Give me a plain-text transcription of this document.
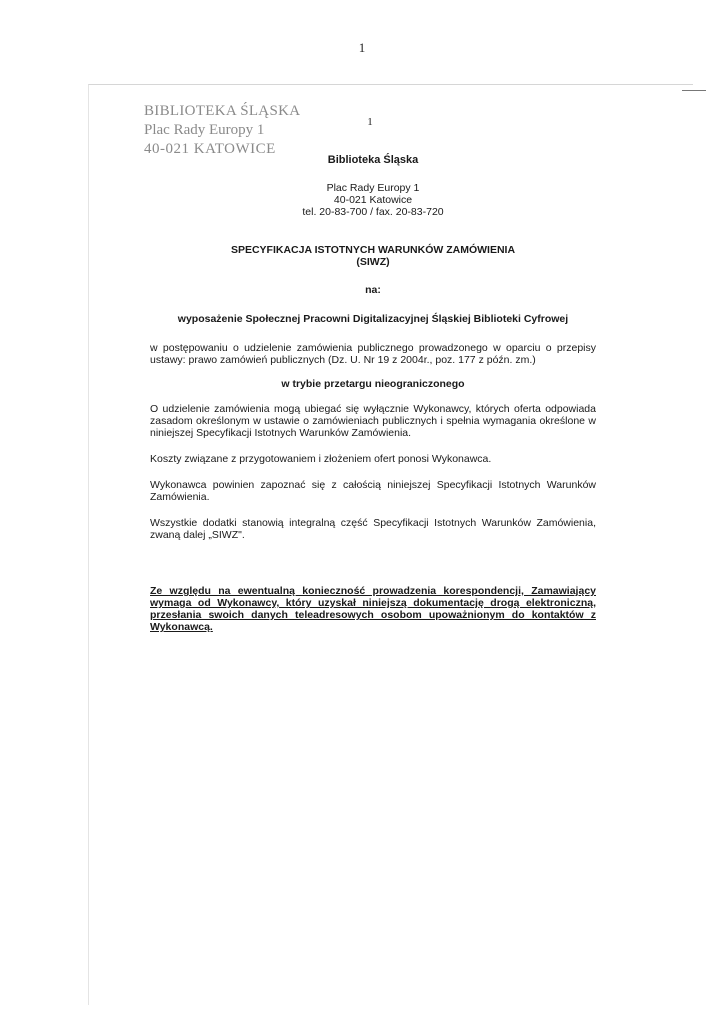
1
BIBLIOTEKA ŚLĄSKA
Plac Rady Europy 1
40-021 KATOWICE
1

Biblioteka Śląska

Plac Rady Europy 1

40-021 Katowice

tel. 20-83-700 / fax. 20-83-720

SPECYFIKACJA ISTOTNYCH WARUNKÓW ZAMÓWIENIA

(SIWZ)

na:

wyposażenie Społecznej Pracowni Digitalizacyjnej Śląskiej Biblioteki Cyfrowej

w postępowaniu o udzielenie zamówienia publicznego prowadzonego w oparciu o przepisy ustawy: prawo zamówień publicznych (Dz. U. Nr 19 z 2004r., poz. 177 z późn. zm.)

w trybie przetargu nieograniczonego

O udzielenie zamówienia mogą ubiegać się wyłącznie Wykonawcy, których oferta odpowiada zasadom określonym w ustawie o zamówieniach publicznych i spełnia wymagania określone w niniejszej Specyfikacji Istotnych Warunków Zamówienia.

Koszty związane z przygotowaniem i złożeniem ofert ponosi Wykonawca.

Wykonawca powinien zapoznać się z całością niniejszej Specyfikacji Istotnych Warunków Zamówienia.

Wszystkie dodatki stanowią integralną część Specyfikacji Istotnych Warunków Zamówienia, zwaną dalej „SIWZ".

Ze względu na ewentualną konieczność prowadzenia korespondencji, Zamawiający wymaga od Wykonawcy, który uzyskał niniejszą dokumentację drogą elektroniczną, przesłania swoich danych teleadresowych osobom upoważnionym do kontaktów z Wykonawcą.
